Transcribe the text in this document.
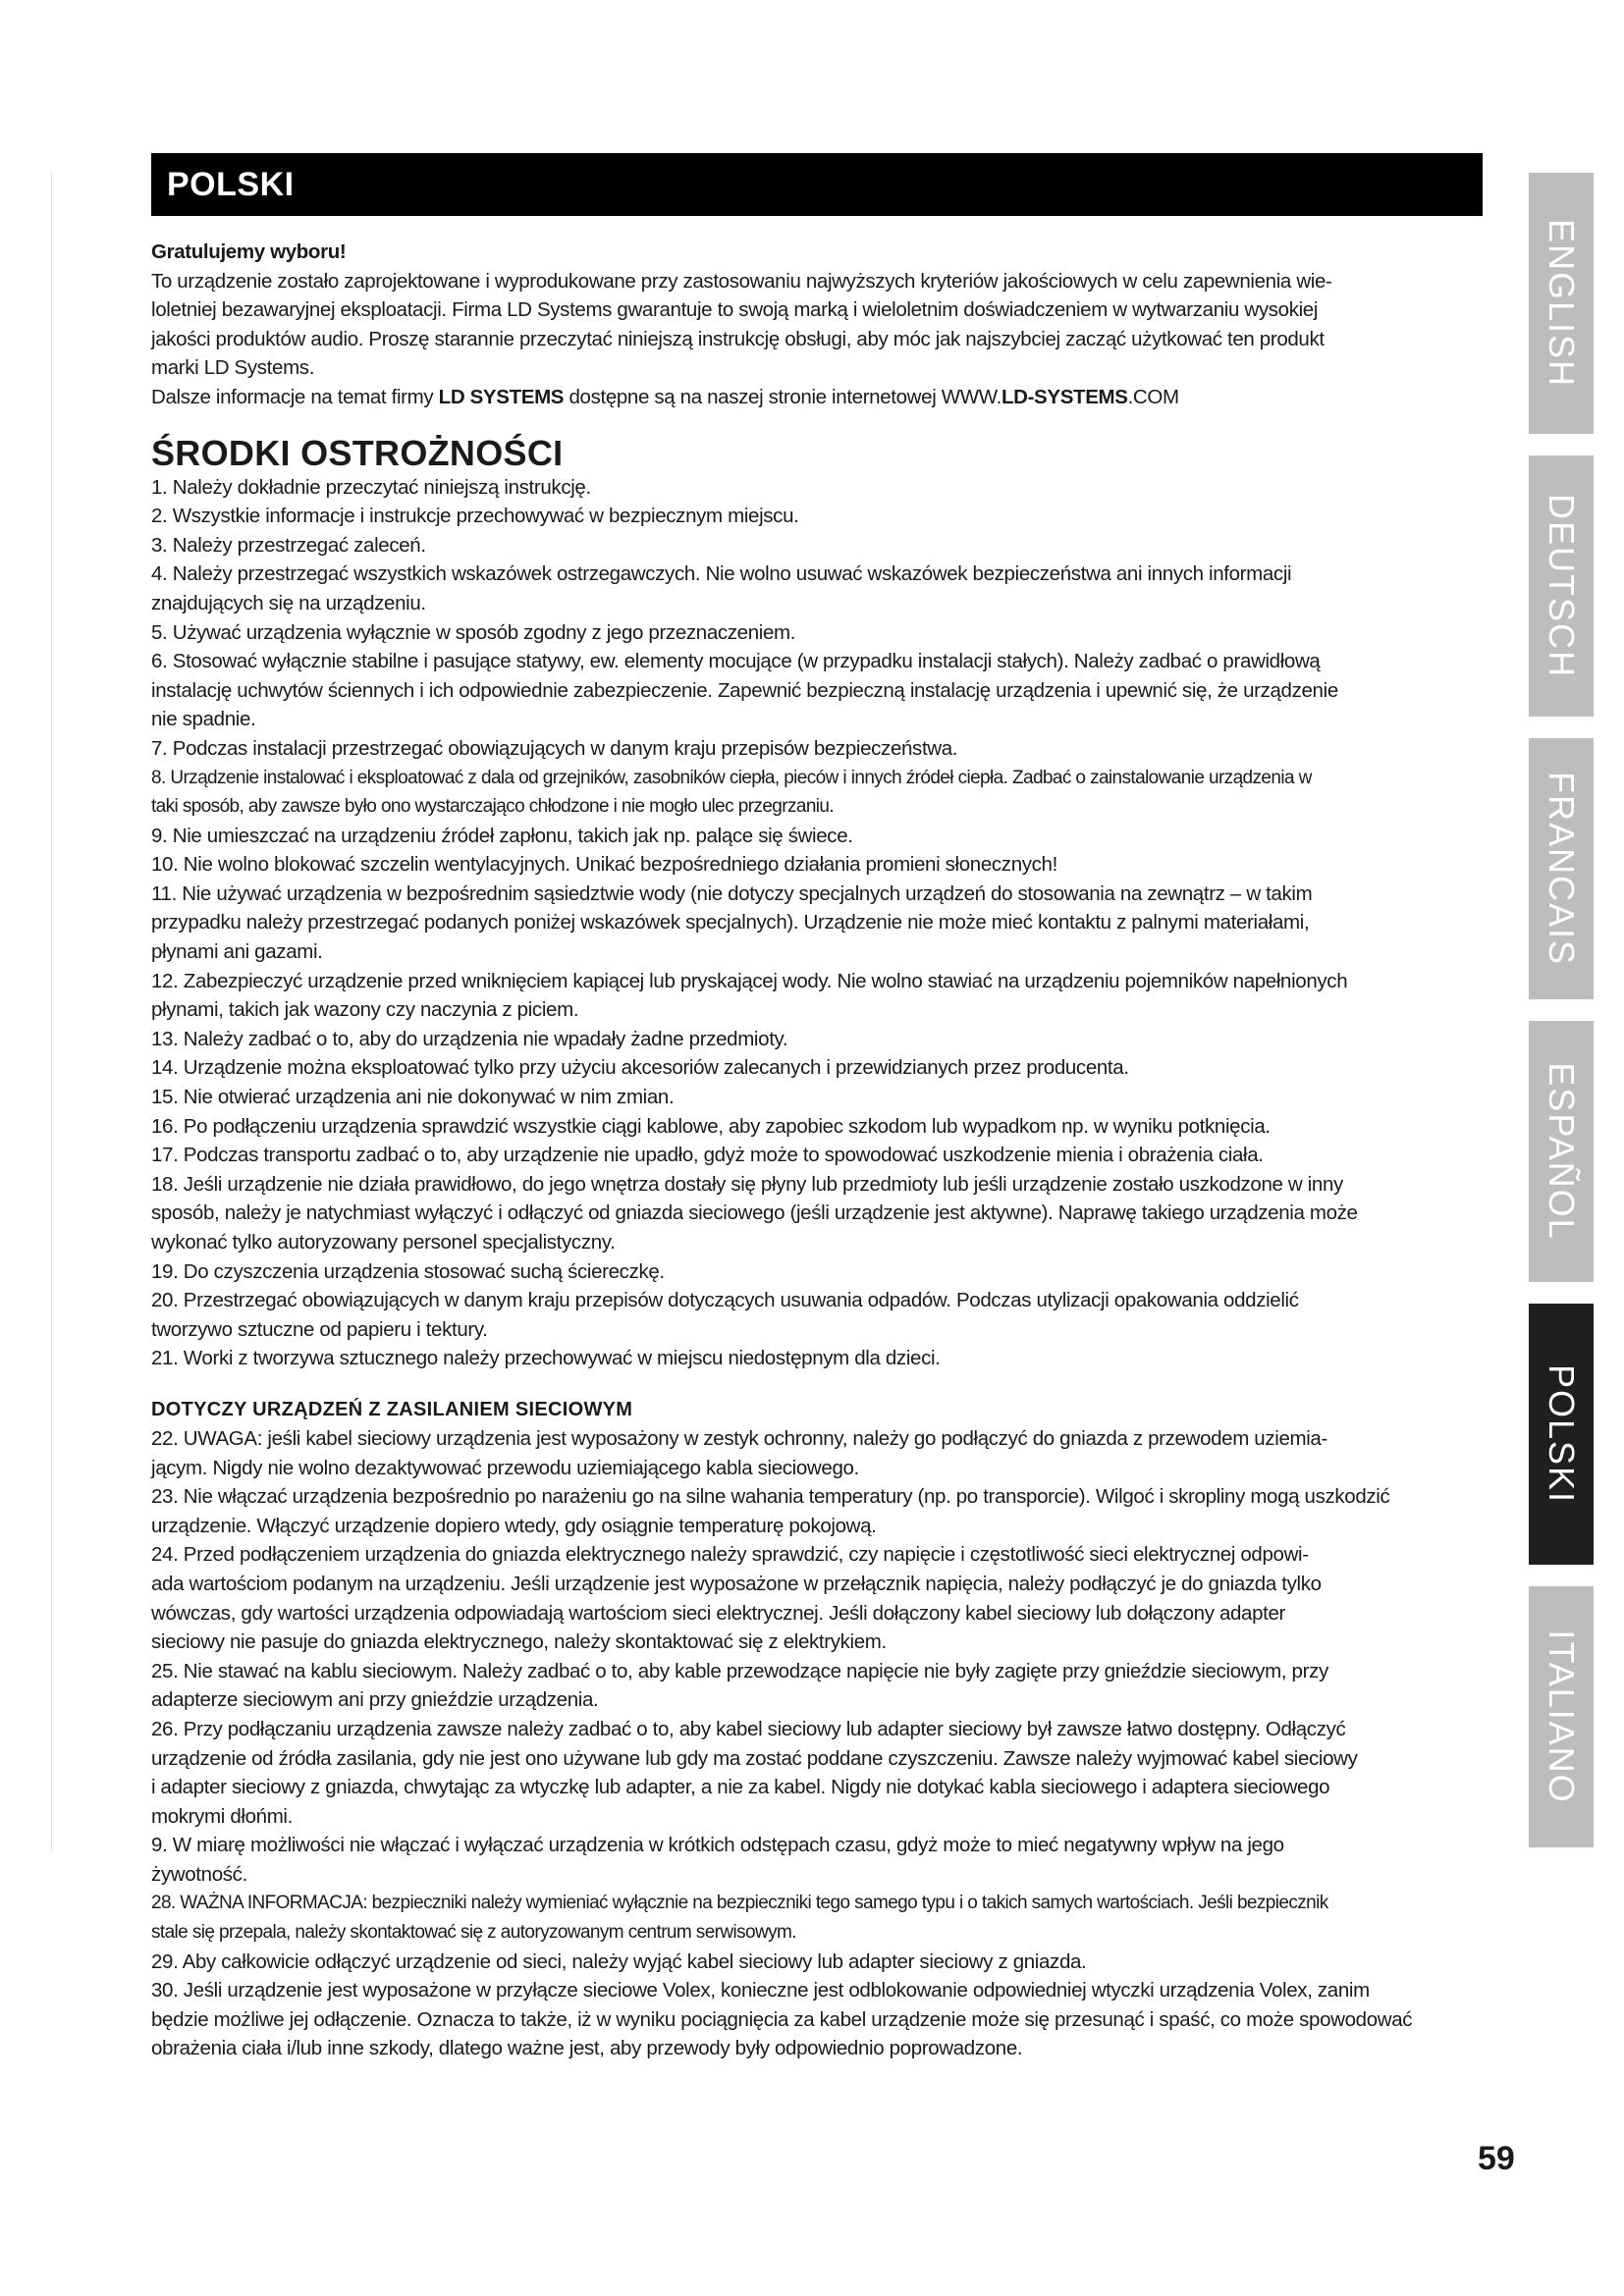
POLSKI

Gratulujemy wyboru!

To urządzenie zostało zaprojektowane i wyprodukowane przy zastosowaniu najwyższych kryteriów jakościowych w celu zapewnienia wie-

loletniej bezawaryjnej eksploatacji. Firma LD Systems gwarantuje to swoją marką i wieloletnim doświadczeniem w wytwarzaniu wysokiej

jakości produktów audio. Proszę starannie przeczytać niniejszą instrukcję obsługi, aby móc jak najszybciej zacząć użytkować ten produkt

marki LD Systems.

Dalsze informacje na temat firmy LD SYSTEMS dostępne są na naszej stronie internetowej WWW.LD-SYSTEMS.COM

ŚRODKI OSTROŻNOŚCI

1. Należy dokładnie przeczytać niniejszą instrukcję.

2. Wszystkie informacje i instrukcje przechowywać w bezpiecznym miejscu.

3. Należy przestrzegać zaleceń.

4. Należy przestrzegać wszystkich wskazówek ostrzegawczych. Nie wolno usuwać wskazówek bezpieczeństwa ani innych informacji

znajdujących się na urządzeniu.

5. Używać urządzenia wyłącznie w sposób zgodny z jego przeznaczeniem.

6. Stosować wyłącznie stabilne i pasujące statywy, ew. elementy mocujące (w przypadku instalacji stałych). Należy zadbać o prawidłową

instalację uchwytów ściennych i ich odpowiednie zabezpieczenie. Zapewnić bezpieczną instalację urządzenia i upewnić się, że urządzenie

nie spadnie.

7. Podczas instalacji przestrzegać obowiązujących w danym kraju przepisów bezpieczeństwa.

8. Urządzenie instalować i eksploatować z dala od grzejników, zasobników ciepła, pieców i innych źródeł ciepła. Zadbać o zainstalowanie urządzenia w

taki sposób, aby zawsze było ono wystarczająco chłodzone i nie mogło ulec przegrzaniu.

9. Nie umieszczać na urządzeniu źródeł zapłonu, takich jak np. palące się świece.

10. Nie wolno blokować szczelin wentylacyjnych. Unikać bezpośredniego działania promieni słonecznych!

11. Nie używać urządzenia w bezpośrednim sąsiedztwie wody (nie dotyczy specjalnych urządzeń do stosowania na zewnątrz – w takim

przypadku należy przestrzegać podanych poniżej wskazówek specjalnych). Urządzenie nie może mieć kontaktu z palnymi materiałami,

płynami ani gazami.

12. Zabezpieczyć urządzenie przed wniknięciem kapiącej lub pryskającej wody. Nie wolno stawiać na urządzeniu pojemników napełnionych

płynami, takich jak wazony czy naczynia z piciem.

13. Należy zadbać o to, aby do urządzenia nie wpadały żadne przedmioty.

14. Urządzenie można eksploatować tylko przy użyciu akcesoriów zalecanych i przewidzianych przez producenta.

15. Nie otwierać urządzenia ani nie dokonywać w nim zmian.

16. Po podłączeniu urządzenia sprawdzić wszystkie ciągi kablowe, aby zapobiec szkodom lub wypadkom np. w wyniku potknięcia.

17. Podczas transportu zadbać o to, aby urządzenie nie upadło, gdyż może to spowodować uszkodzenie mienia i obrażenia ciała.

18. Jeśli urządzenie nie działa prawidłowo, do jego wnętrza dostały się płyny lub przedmioty lub jeśli urządzenie zostało uszkodzone w inny

sposób, należy je natychmiast wyłączyć i odłączyć od gniazda sieciowego (jeśli urządzenie jest aktywne). Naprawę takiego urządzenia może

wykonać tylko autoryzowany personel specjalistyczny.

19. Do czyszczenia urządzenia stosować suchą ściereczkę.

20. Przestrzegać obowiązujących w danym kraju przepisów dotyczących usuwania odpadów. Podczas utylizacji opakowania oddzielić

tworzywo sztuczne od papieru i tektury.

21. Worki z tworzywa sztucznego należy przechowywać w miejscu niedostępnym dla dzieci.

DOTYCZY URZĄDZEŃ Z ZASILANIEM SIECIOWYM

22. UWAGA: jeśli kabel sieciowy urządzenia jest wyposażony w zestyk ochronny, należy go podłączyć do gniazda z przewodem uziemia-

jącym. Nigdy nie wolno dezaktywować przewodu uziemiającego kabla sieciowego.

23. Nie włączać urządzenia bezpośrednio po narażeniu go na silne wahania temperatury (np. po transporcie). Wilgoć i skropliny mogą uszkodzić

urządzenie. Włączyć urządzenie dopiero wtedy, gdy osiągnie temperaturę pokojową.

24. Przed podłączeniem urządzenia do gniazda elektrycznego należy sprawdzić, czy napięcie i częstotliwość sieci elektrycznej odpowi-

ada wartościom podanym na urządzeniu. Jeśli urządzenie jest wyposażone w przełącznik napięcia, należy podłączyć je do gniazda tylko

wówczas, gdy wartości urządzenia odpowiadają wartościom sieci elektrycznej. Jeśli dołączony kabel sieciowy lub dołączony adapter

sieciowy nie pasuje do gniazda elektrycznego, należy skontaktować się z elektrykiem.

25. Nie stawać na kablu sieciowym. Należy zadbać o to, aby kable przewodzące napięcie nie były zagięte przy gnieździe sieciowym, przy

adapterze sieciowym ani przy gnieździe urządzenia.

26. Przy podłączaniu urządzenia zawsze należy zadbać o to, aby kabel sieciowy lub adapter sieciowy był zawsze łatwo dostępny. Odłączyć

urządzenie od źródła zasilania, gdy nie jest ono używane lub gdy ma zostać poddane czyszczeniu. Zawsze należy wyjmować kabel sieciowy

i adapter sieciowy z gniazda, chwytając za wtyczkę lub adapter, a nie za kabel. Nigdy nie dotykać kabla sieciowego i adaptera sieciowego

mokrymi dłońmi.

9. W miarę możliwości nie włączać i wyłączać urządzenia w krótkich odstępach czasu, gdyż może to mieć negatywny wpływ na jego

żywotność.

28. WAŻNA INFORMACJA: bezpieczniki należy wymieniać wyłącznie na bezpieczniki tego samego typu i o takich samych wartościach. Jeśli bezpiecznik

stale się przepala, należy skontaktować się z autoryzowanym centrum serwisowym.

29. Aby całkowicie odłączyć urządzenie od sieci, należy wyjąć kabel sieciowy lub adapter sieciowy z gniazda.

30. Jeśli urządzenie jest wyposażone w przyłącze sieciowe Volex, konieczne jest odblokowanie odpowiedniej wtyczki urządzenia Volex, zanim

będzie możliwe jej odłączenie. Oznacza to także, iż w wyniku pociągnięcia za kabel urządzenie może się przesunąć i spaść, co może spowodować

obrażenia ciała i/lub inne szkody, dlatego ważne jest, aby przewody były odpowiednio poprowadzone.

ENGLISH
DEUTSCH
FRANCAIS
ESPAÑOL
POLSKI
ITALIANO
59
